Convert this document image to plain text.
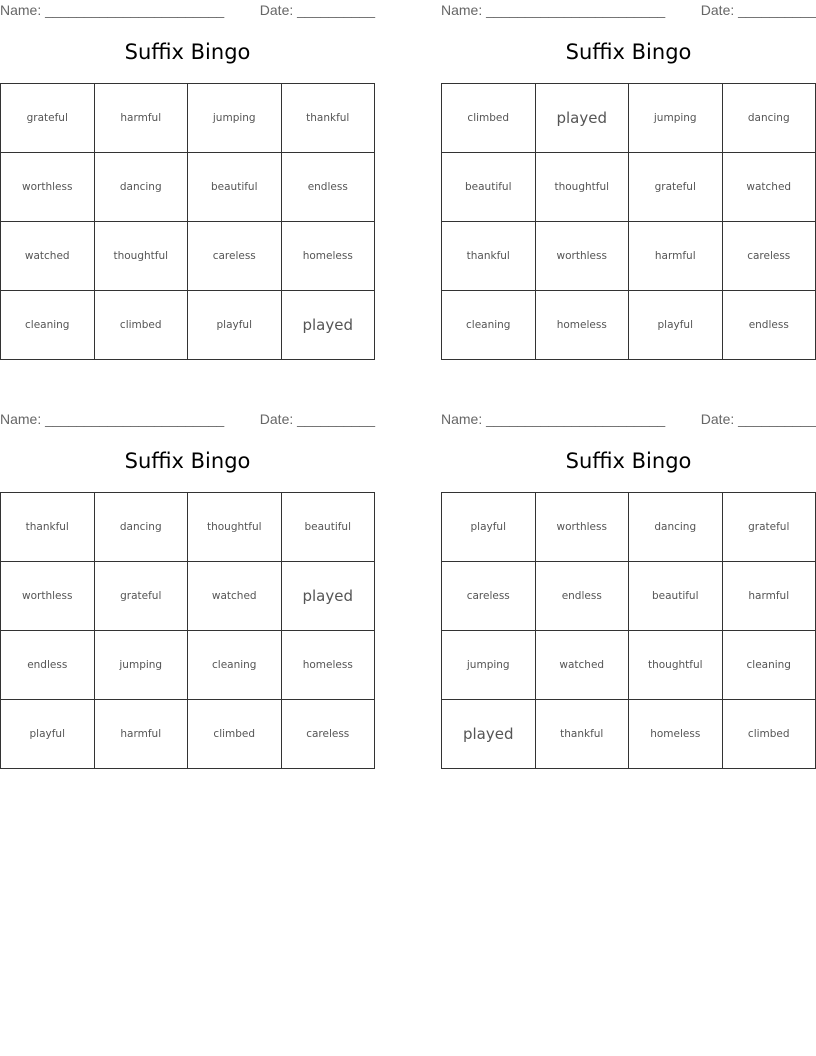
Name: _______________________	Date: __________
Suffix Bingo
grateful	harmful	jumping	thankful
worthless	dancing	beautiful	endless
watched	thoughtful	careless	homeless
cleaning	climbed	playful	played
Name: _______________________	Date: __________
Suffix Bingo
climbed	played	jumping	dancing
beautiful	thoughtful	grateful	watched
thankful	worthless	harmful	careless
cleaning	homeless	playful	endless
Name: _______________________	Date: __________
Suffix Bingo
thankful	dancing	thoughtful	beautiful
worthless	grateful	watched	played
endless	jumping	cleaning	homeless
playful	harmful	climbed	careless
Name: _______________________	Date: __________
Suffix Bingo
playful	worthless	dancing	grateful
careless	endless	beautiful	harmful
jumping	watched	thoughtful	cleaning
played	thankful	homeless	climbed
